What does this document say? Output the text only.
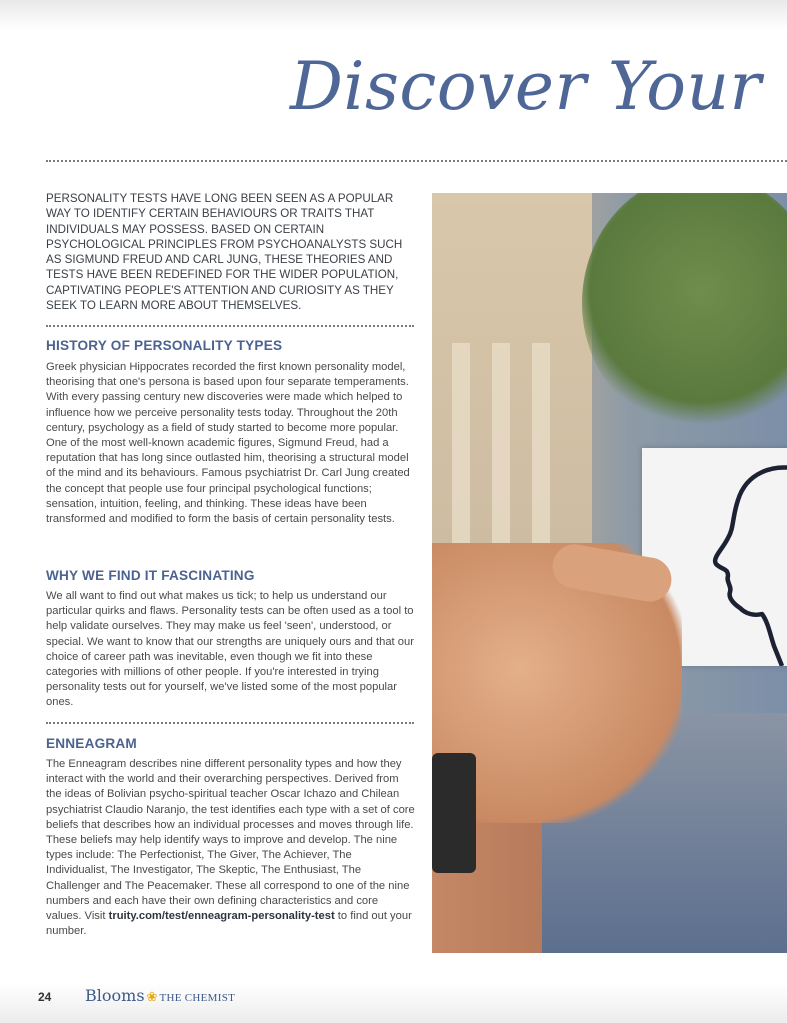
Discover Your
PERSONALITY TESTS HAVE LONG BEEN SEEN AS A POPULAR WAY TO IDENTIFY CERTAIN BEHAVIOURS OR TRAITS THAT INDIVIDUALS MAY POSSESS. BASED ON CERTAIN PSYCHOLOGICAL PRINCIPLES FROM PSYCHOANALYSTS SUCH AS SIGMUND FREUD AND CARL JUNG, THESE THEORIES AND TESTS HAVE BEEN REDEFINED FOR THE WIDER POPULATION, CAPTIVATING PEOPLE'S ATTENTION AND CURIOSITY AS THEY SEEK TO LEARN MORE ABOUT THEMSELVES.
HISTORY OF PERSONALITY TYPES
Greek physician Hippocrates recorded the first known personality model, theorising that one's persona is based upon four separate temperaments. With every passing century new discoveries were made which helped to influence how we perceive personality tests today. Throughout the 20th century, psychology as a field of study started to become more popular. One of the most well-known academic figures, Sigmund Freud, had a reputation that has long since outlasted him, theorising a structural model of the mind and its behaviours. Famous psychiatrist Dr. Carl Jung created the concept that people use four principal psychological functions; sensation, intuition, feeling, and thinking. These ideas have been transformed and modified to form the basis of certain personality tests.
WHY WE FIND IT FASCINATING
We all want to find out what makes us tick; to help us understand our particular quirks and flaws. Personality tests can be often used as a tool to help validate ourselves. They may make us feel 'seen', understood, or special. We want to know that our strengths are uniquely ours and that our choice of career path was inevitable, even though we fit into these categories with millions of other people. If you're interested in trying personality tests out for yourself, we've listed some of the most popular ones.
ENNEAGRAM
The Enneagram describes nine different personality types and how they interact with the world and their overarching perspectives. Derived from the ideas of Bolivian psycho-spiritual teacher Oscar Ichazo and Chilean psychiatrist Claudio Naranjo, the test identifies each type with a set of core beliefs that describes how an individual processes and moves through life. These beliefs may help identify ways to improve and develop. The nine types include: The Perfectionist, The Giver, The Achiever, The Individualist, The Investigator, The Skeptic, The Enthusiast, The Challenger and The Peacemaker. These all correspond to one of the nine numbers and each have their own defining characteristics and core values. Visit truity.com/test/enneagram-personality-test to find out your number.
24 Blooms ❀ THE CHEMIST
